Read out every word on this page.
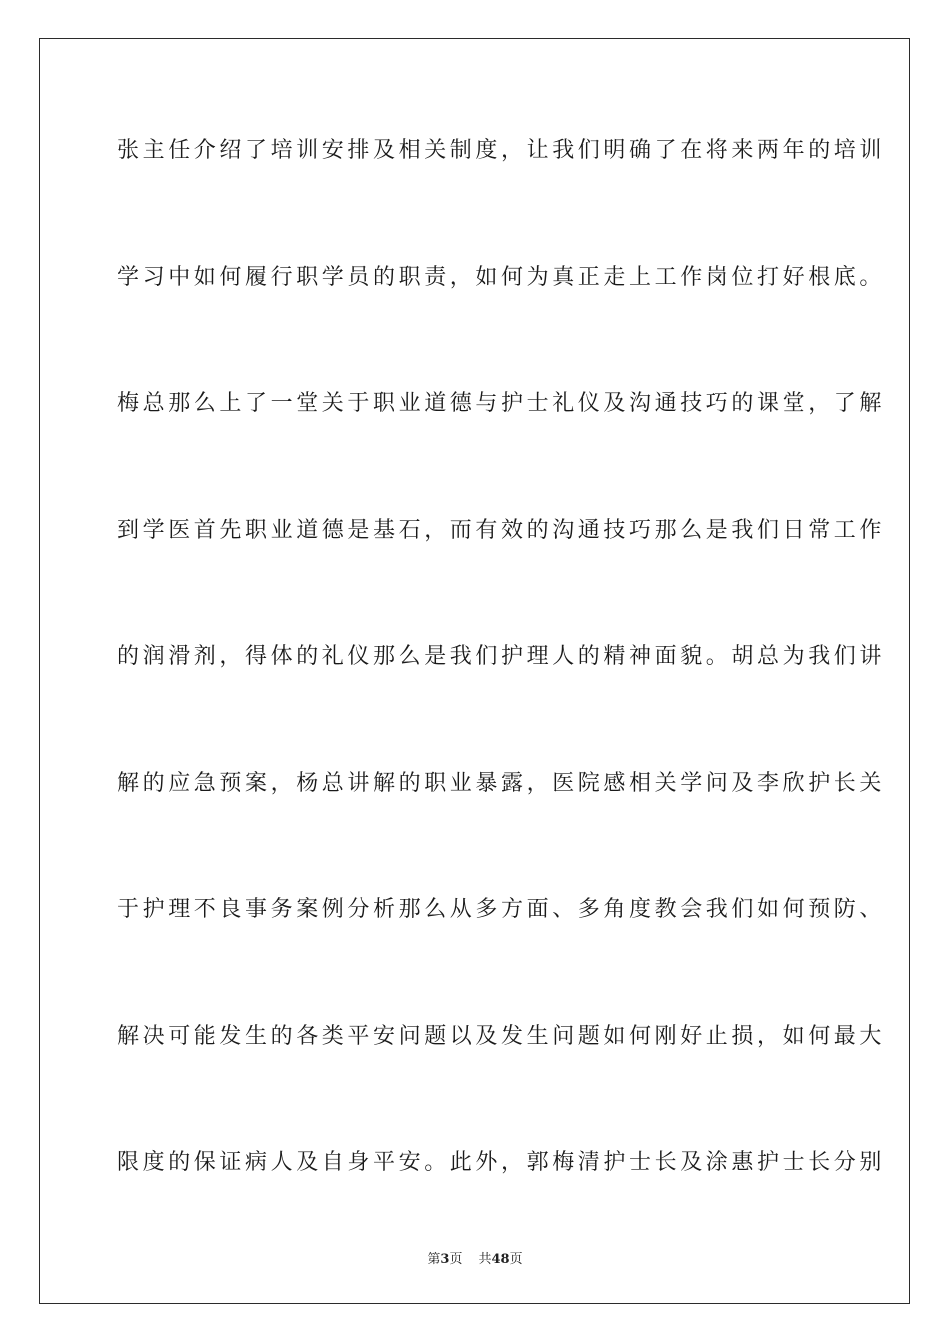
张主任介绍了培训安排及相关制度，让我们明确了在将来两年的培训
学习中如何履行职学员的职责，如何为真正走上工作岗位打好根底。
梅总那么上了一堂关于职业道德与护士礼仪及沟通技巧的课堂，了解
到学医首先职业道德是基石，而有效的沟通技巧那么是我们日常工作
的润滑剂，得体的礼仪那么是我们护理人的精神面貌。胡总为我们讲
解的应急预案，杨总讲解的职业暴露，医院感相关学问及李欣护长关
于护理不良事务案例分析那么从多方面、多角度教会我们如何预防、
解决可能发生的各类平安问题以及发生问题如何刚好止损，如何最大
限度的保证病人及自身平安。此外，郭梅清护士长及涂惠护士长分别
第3页 共48页
